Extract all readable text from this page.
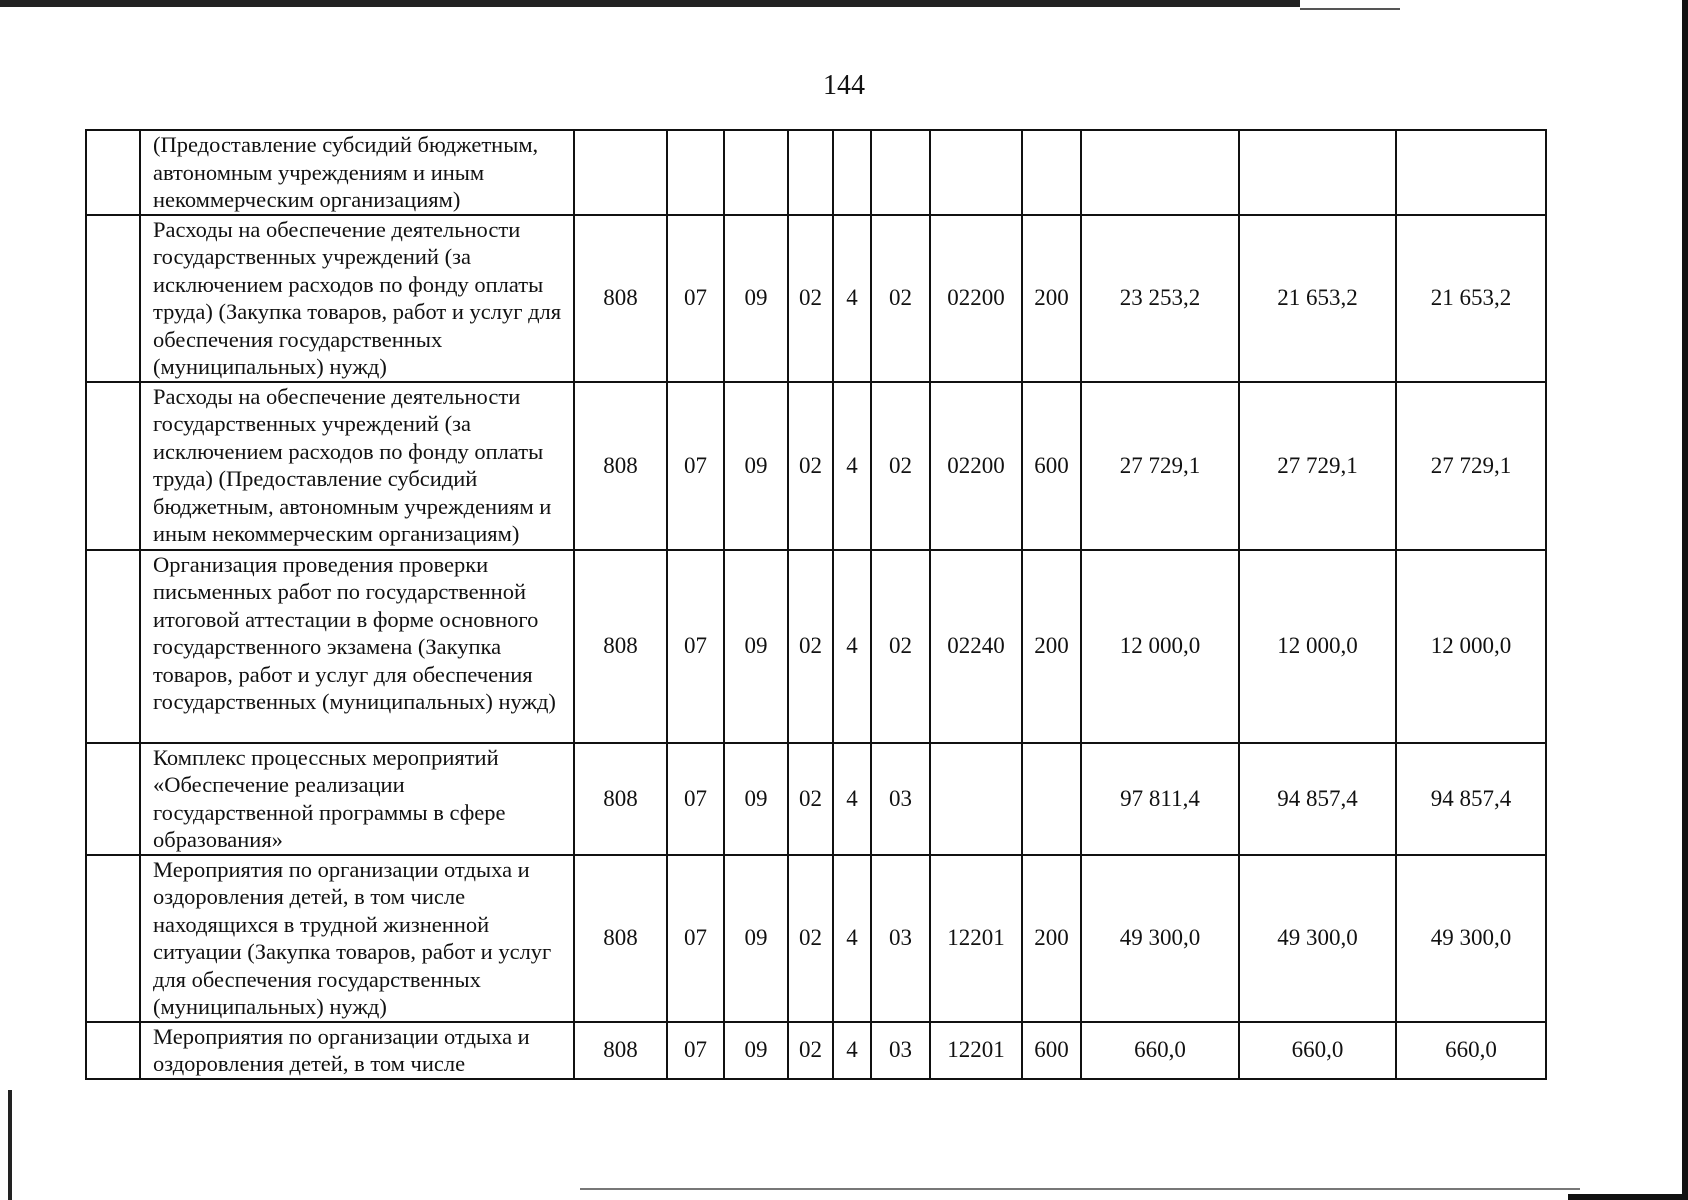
144
	(Предоставление субсидий бюджетным, автономным учреждениям и иным некоммерческим организациям)											
	Расходы на обеспечение деятельности государственных учреждений (за исключением расходов по фонду оплаты труда) (Закупка товаров, работ и услуг для обеспечения государственных (муниципальных) нужд)	808	07	09	02	4	02	02200	200	23 253,2	21 653,2	21 653,2
	Расходы на обеспечение деятельности государственных учреждений (за исключением расходов по фонду оплаты труда) (Предоставление субсидий бюджетным, автономным учреждениям и иным некоммерческим организациям)	808	07	09	02	4	02	02200	600	27 729,1	27 729,1	27 729,1
	Организация проведения проверки письменных работ по государственной итоговой аттестации в форме основного государственного экзамена (Закупка товаров, работ и услуг для обеспечения государственных (муниципальных) нужд)	808	07	09	02	4	02	02240	200	12 000,0	12 000,0	12 000,0
	Комплекс процессных мероприятий «Обеспечение реализации государственной программы в сфере образования»	808	07	09	02	4	03			97 811,4	94 857,4	94 857,4
	Мероприятия по организации отдыха и оздоровления детей, в том числе находящихся в трудной жизненной ситуации (Закупка товаров, работ и услуг для обеспечения государственных (муниципальных) нужд)	808	07	09	02	4	03	12201	200	49 300,0	49 300,0	49 300,0
	Мероприятия по организации отдыха и оздоровления детей, в том числе	808	07	09	02	4	03	12201	600	660,0	660,0	660,0
